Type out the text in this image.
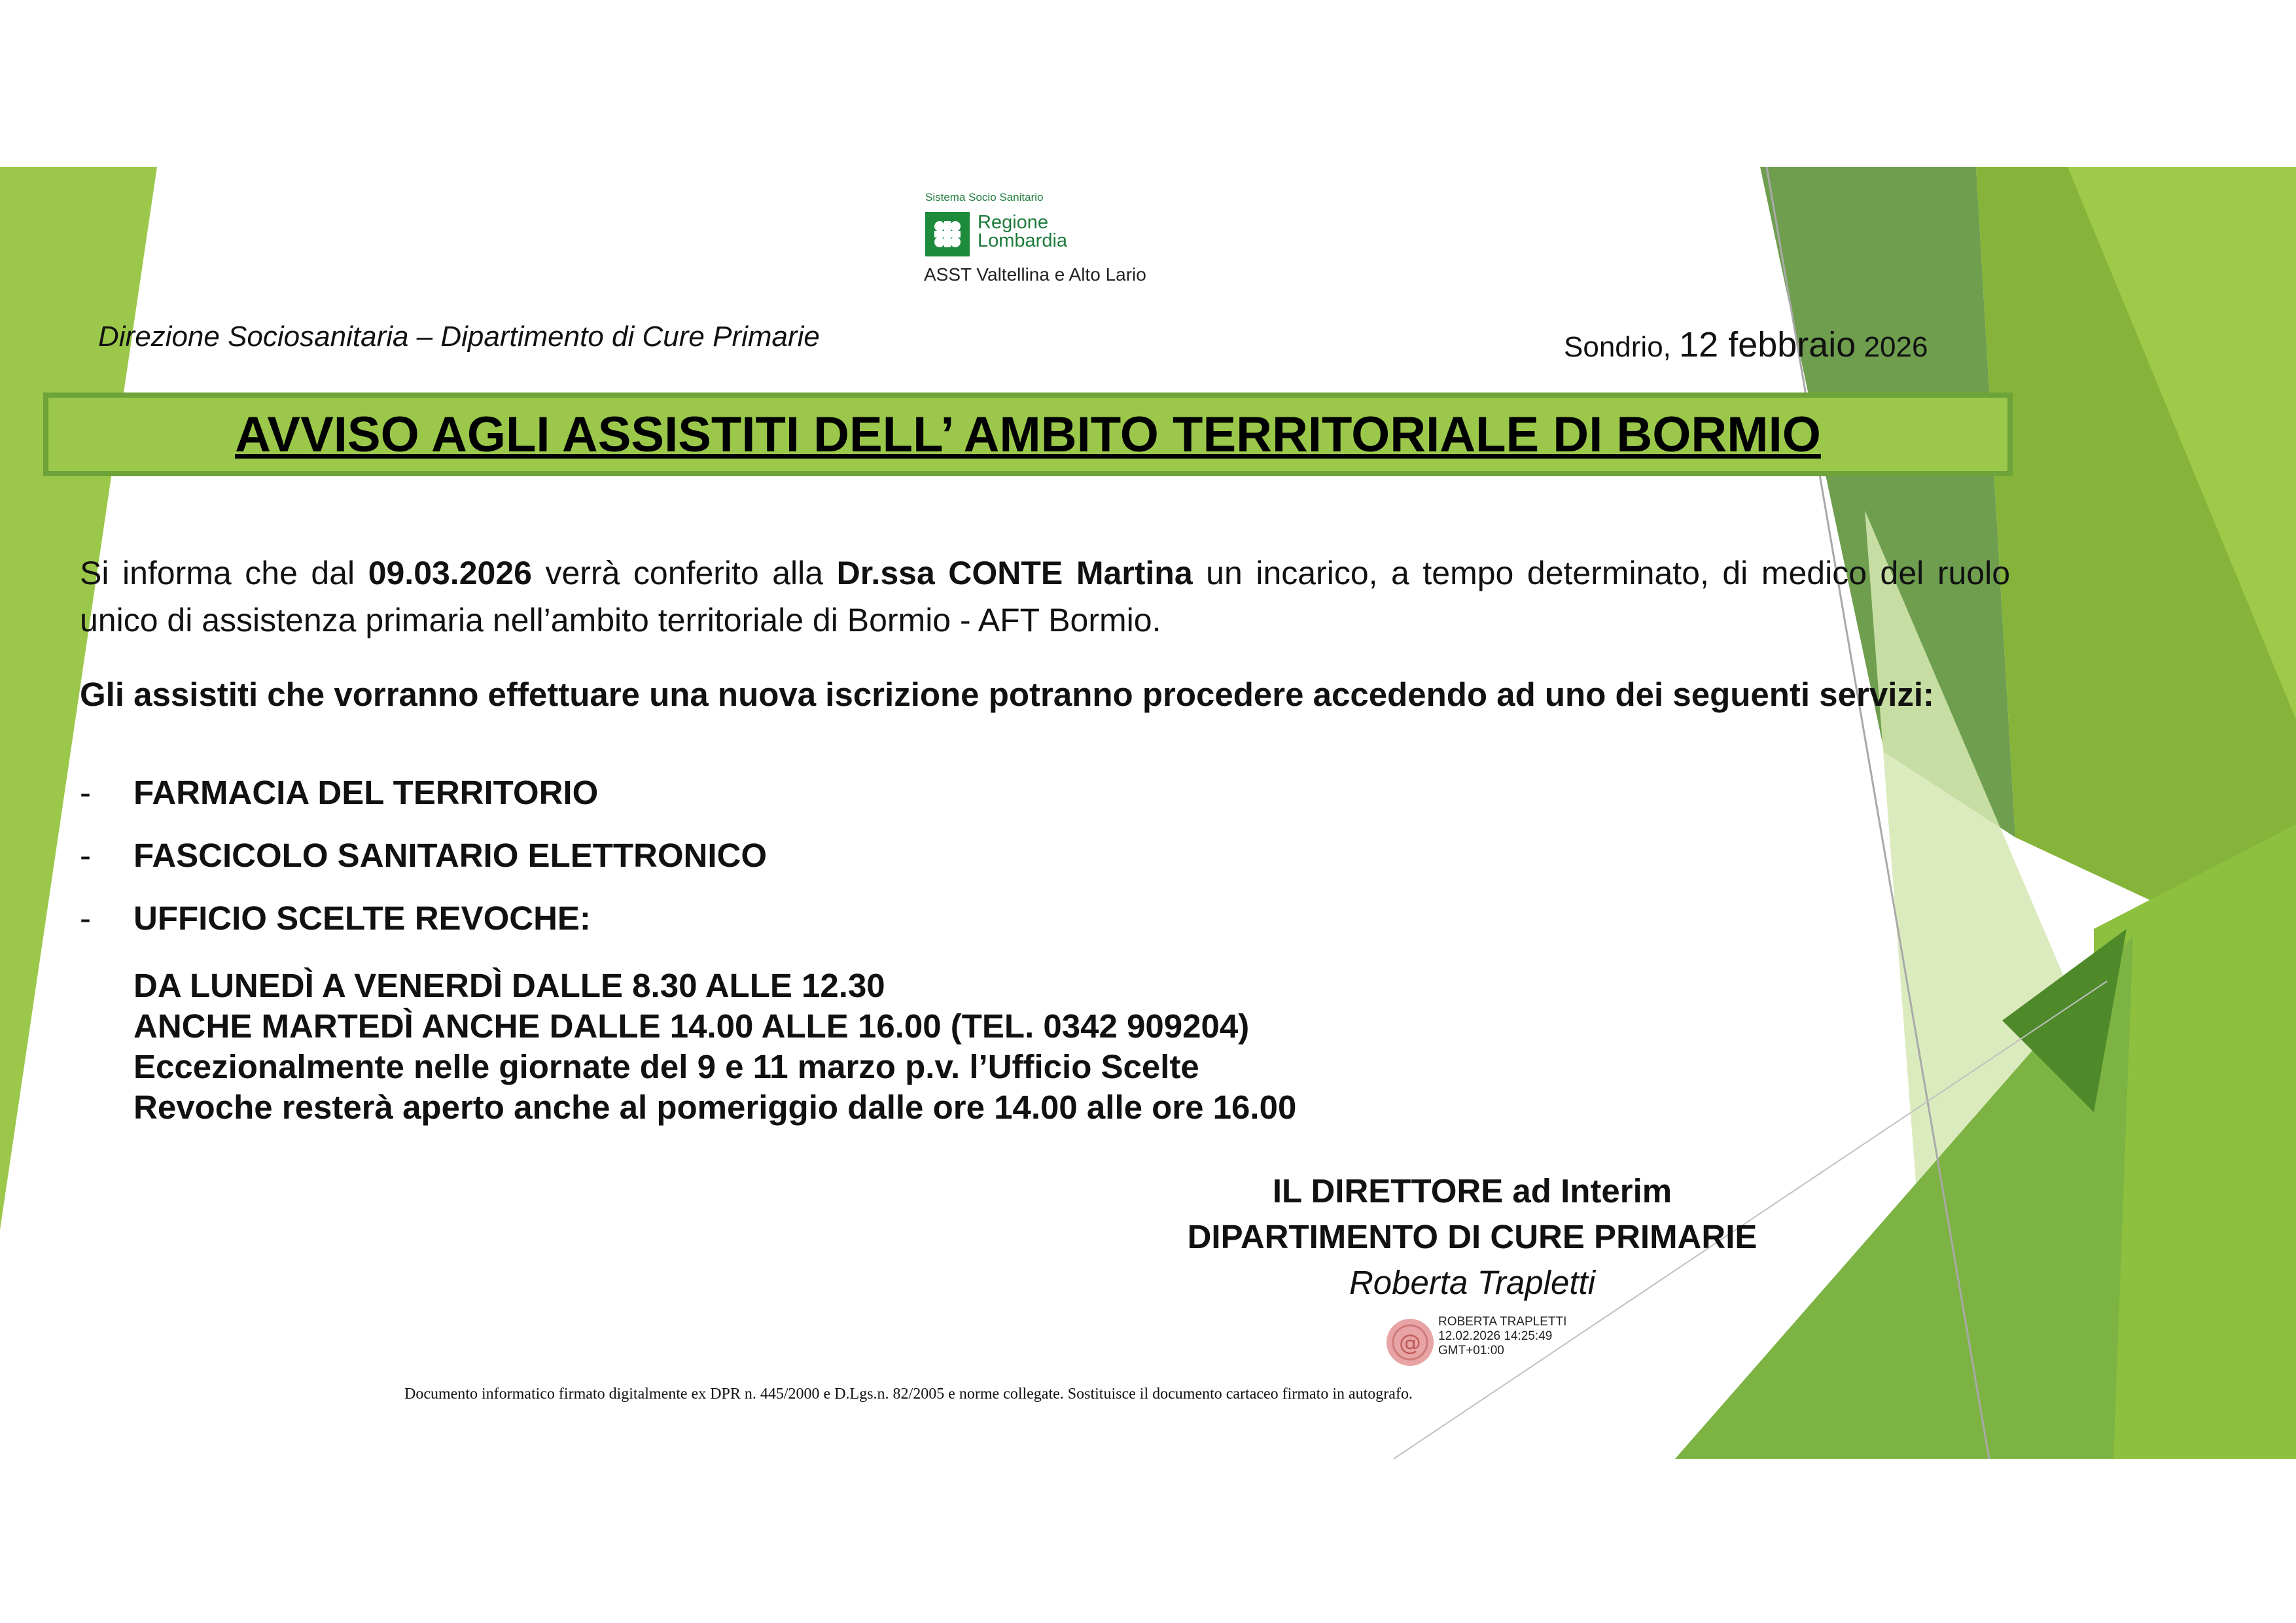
Sistema Socio Sanitario
Regione
Lombardia
ASST Valtellina e Alto Lario
Direzione Sociosanitaria – Dipartimento di Cure Primarie	Sondrio, 12 febbraio 2026
AVVISO AGLI ASSISTITI DELL’ AMBITO TERRITORIALE DI BORMIO
Si informa che dal 09.03.2026 verrà conferito alla Dr.ssa CONTE Martina un incarico, a tempo determinato, di medico del ruolo unico di assistenza primaria nell’ambito territoriale di Bormio - AFT Bormio.
Gli assistiti che vorranno effettuare una nuova iscrizione potranno procedere accedendo ad uno dei seguenti servizi:
- FARMACIA DEL TERRITORIO
- FASCICOLO SANITARIO ELETTRONICO
- UFFICIO SCELTE REVOCHE:
DA LUNEDÌ A VENERDÌ DALLE 8.30 ALLE 12.30
ANCHE MARTEDÌ ANCHE DALLE 14.00 ALLE 16.00 (TEL. 0342 909204)
Eccezionalmente nelle giornate del 9 e 11 marzo p.v. l’Ufficio Scelte
Revoche resterà aperto anche al pomeriggio dalle ore 14.00 alle ore 16.00
IL DIRETTORE ad Interim
DIPARTIMENTO DI CURE PRIMARIE
Roberta Trapletti
@
ROBERTA TRAPLETTI
12.02.2026 14:25:49
GMT+01:00
Documento informatico firmato digitalmente ex DPR n. 445/2000 e D.Lgs.n. 82/2005 e norme collegate. Sostituisce il documento cartaceo firmato in autografo.
